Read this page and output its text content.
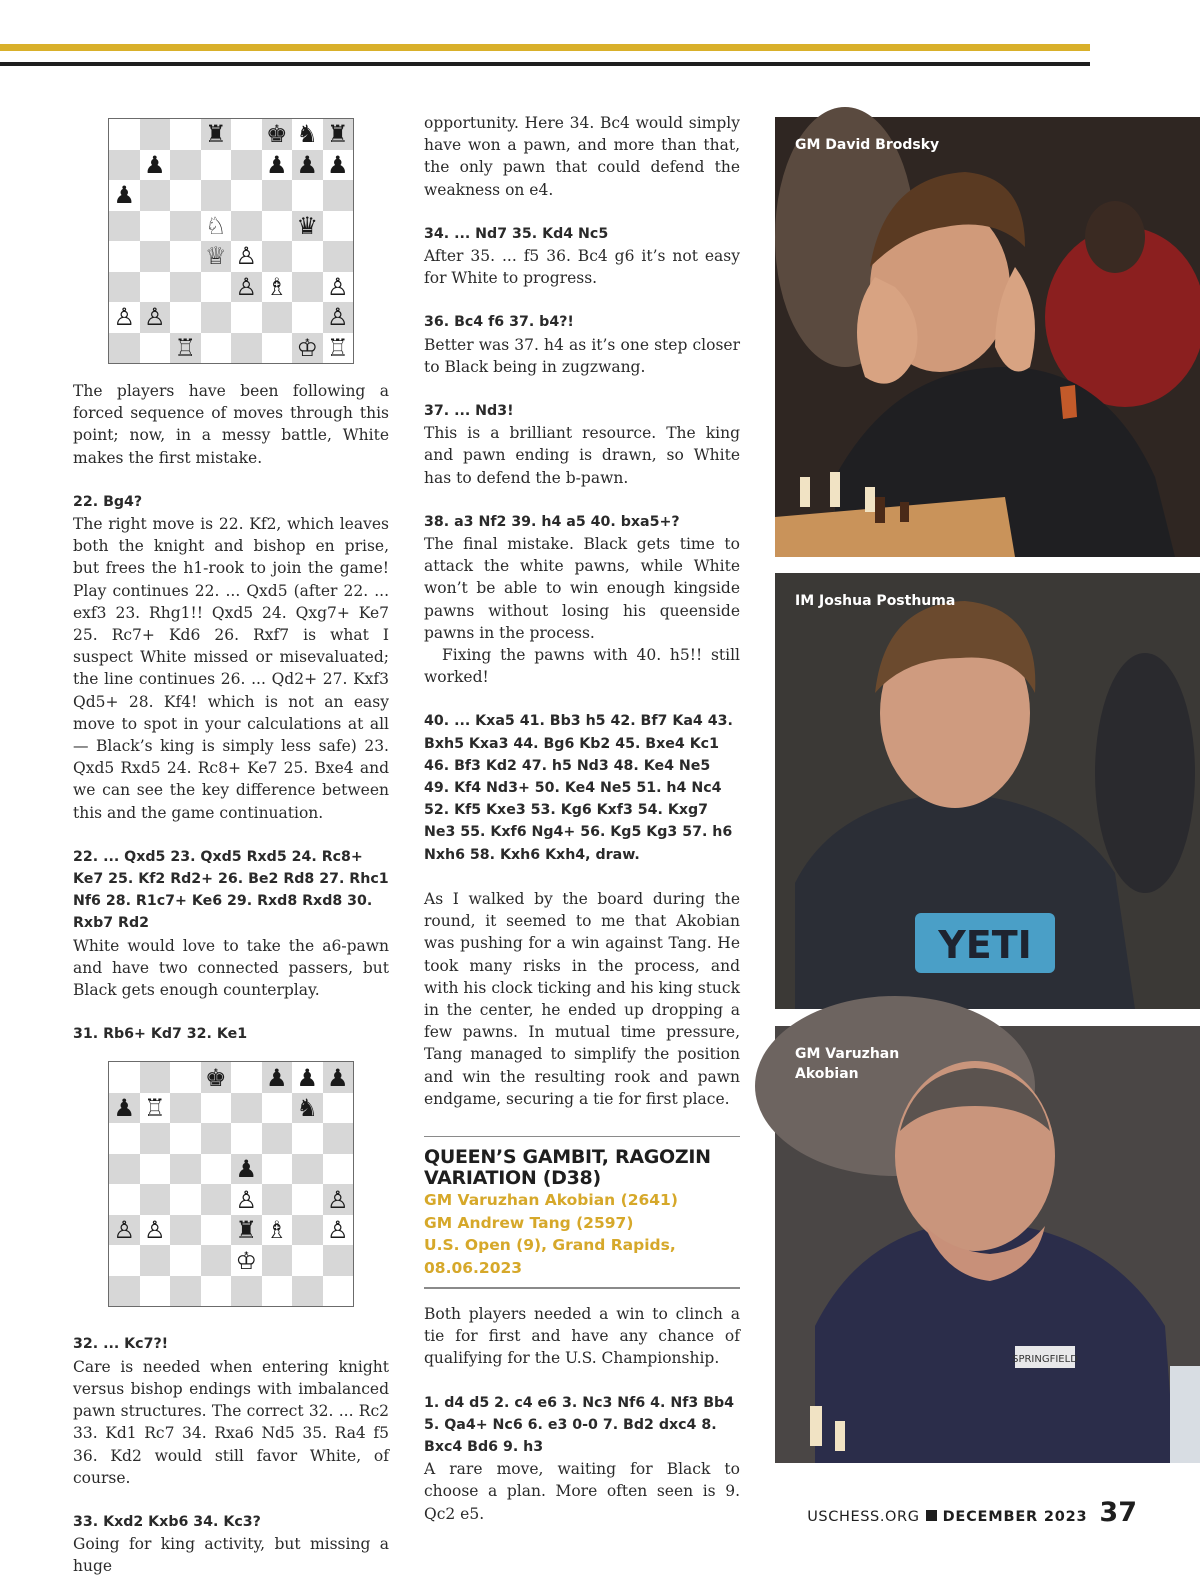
♜ ♚ ♞ ♜
♟	♟ ♟ ♟
♟
♘	♛
♕ ♙
♙ ♗ ♙
♙ ♙	♙
♖	♔ ♖

The players have been following a forced sequence of moves through this point; now, in a messy battle, White makes the first mistake.

22. Bg4?

The right move is 22. Kf2, which leaves both the knight and bishop en prise, but frees the h1-rook to join the game! Play continues 22. ... Qxd5 (after 22. ... exf3 23. Rhg1!! Qxd5 24. Qxg7+ Ke7 25. Rc7+ Kd6 26. Rxf7 is what I suspect White missed or misevaluated; the line continues 26. ... Qd2+ 27. Kxf3 Qd5+ 28. Kf4! which is not an easy move to spot in your calculations at all — Black’s king is simply less safe) 23. Qxd5 Rxd5 24. Rc8+ Ke7 25. Bxe4 and we can see the key difference between this and the game continuation.

22. ... Qxd5 23. Qxd5 Rxd5 24. Rc8+ Ke7 25. Kf2 Rd2+ 26. Be2 Rd8 27. Rhc1 Nf6 28. R1c7+ Ke6 29. Rxd8 Rxd8 30. Rxb7 Rd2

White would love to take the a6-pawn and have two connected passers, but Black gets enough counterplay.

31. Rb6+ Kd7 32. Ke1

♚ ♟ ♟ ♟
♟ ♖	♞
♟
♙	♙
♙ ♙	♜ ♗ ♙
♔

32. ... Kc7?!

Care is needed when entering knight versus bishop endings with imbalanced pawn structures. The correct 32. ... Rc2 33. Kd1 Rc7 34. Rxa6 Nd5 35. Ra4 f5 36. Kd2 would still favor White, of course.

33. Kxd2 Kxb6 34. Kc3?

Going for king activity, but missing a huge

opportunity. Here 34. Bc4 would simply have won a pawn, and more than that, the only pawn that could defend the weakness on e4.

34. ... Nd7 35. Kd4 Nc5

After 35. ... f5 36. Bc4 g6 it’s not easy for White to progress.

36. Bc4 f6 37. b4?!

Better was 37. h4 as it’s one step closer to Black being in zugzwang.

37. ... Nd3!

This is a brilliant resource. The king and pawn ending is drawn, so White has to defend the b-pawn.

38. a3 Nf2 39. h4 a5 40. bxa5+?

The final mistake. Black gets time to attack the white pawns, while White won’t be able to win enough kingside pawns without losing his queenside pawns in the process.

Fixing the pawns with 40. h5!! still worked!

40. ... Kxa5 41. Bb3 h5 42. Bf7 Ka4 43. Bxh5 Kxa3 44. Bg6 Kb2 45. Bxe4 Kc1 46. Bf3 Kd2 47. h5 Nd3 48. Ke4 Ne5 49. Kf4 Nd3+ 50. Ke4 Ne5 51. h4 Nc4 52. Kf5 Kxe3 53. Kg6 Kxf3 54. Kxg7 Ne3 55. Kxf6 Ng4+ 56. Kg5 Kg3 57. h6 Nxh6 58. Kxh6 Kxh4, draw.

As I walked by the board during the round, it seemed to me that Akobian was pushing for a win against Tang. He took many risks in the process, and with his clock ticking and his king stuck in the center, he ended up dropping a few pawns. In mutual time pressure, Tang managed to simplify the position and win the resulting rook and pawn endgame, securing a tie for first place.

QUEEN’S GAMBIT, RAGOZIN
VARIATION (D38)
GM Varuzhan Akobian (2641)
GM Andrew Tang (2597)
U.S. Open (9), Grand Rapids,
08.06.2023

Both players needed a win to clinch a tie for first and have any chance of qualifying for the U.S. Championship.

1. d4 d5 2. c4 e6 3. Nc3 Nf6 4. Nf3 Bb4 5. Qa4+ Nc6 6. e3 0-0 7. Bd2 dxc4 8. Bxc4 Bd6 9. h3

A rare move, waiting for Black to choose a plan. More often seen is 9. Qc2 e5.

GM David Brodsky
YETI
IM Joshua Posthuma
SPRINGFIELD
GM Varuzhan
Akobian
USCHESS.ORG DECEMBER 2023 37
